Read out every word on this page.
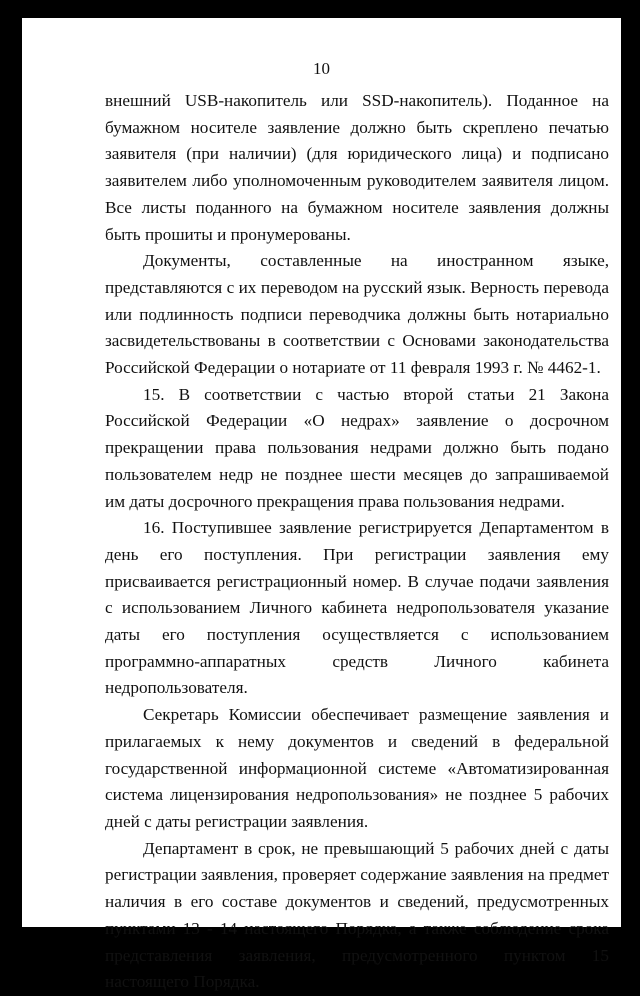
10

внешний USB-накопитель или SSD-накопитель). Поданное на бумажном носителе заявление должно быть скреплено печатью заявителя (при наличии) (для юридического лица) и подписано заявителем либо уполномоченным руководителем заявителя лицом. Все листы поданного на бумажном носителе заявления должны быть прошиты и пронумерованы.

Документы, составленные на иностранном языке, представляются с их переводом на русский язык. Верность перевода или подлинность подписи переводчика должны быть нотариально засвидетельствованы в соответствии с Основами законодательства Российской Федерации о нотариате от 11 февраля 1993 г. № 4462-1.

15. В соответствии с частью второй статьи 21 Закона Российской Федерации «О недрах» заявление о досрочном прекращении права пользования недрами должно быть подано пользователем недр не позднее шести месяцев до запрашиваемой им даты досрочного прекращения права пользования недрами.

16. Поступившее заявление регистрируется Департаментом в день его поступления. При регистрации заявления ему присваивается регистрационный номер. В случае подачи заявления с использованием Личного кабинета недропользователя указание даты его поступления осуществляется с использованием программно-аппаратных средств Личного кабинета недропользователя.

Секретарь Комиссии обеспечивает размещение заявления и прилагаемых к нему документов и сведений в федеральной государственной информационной системе «Автоматизированная система лицензирования недропользования» не позднее 5 рабочих дней с даты регистрации заявления.

Департамент в срок, не превышающий 5 рабочих дней с даты регистрации заявления, проверяет содержание заявления на предмет наличия в его составе документов и сведений, предусмотренных пунктами 13 - 14 настоящего Порядка, а также соблюдение срока представления заявления, предусмотренного пунктом 15 настоящего Порядка.
